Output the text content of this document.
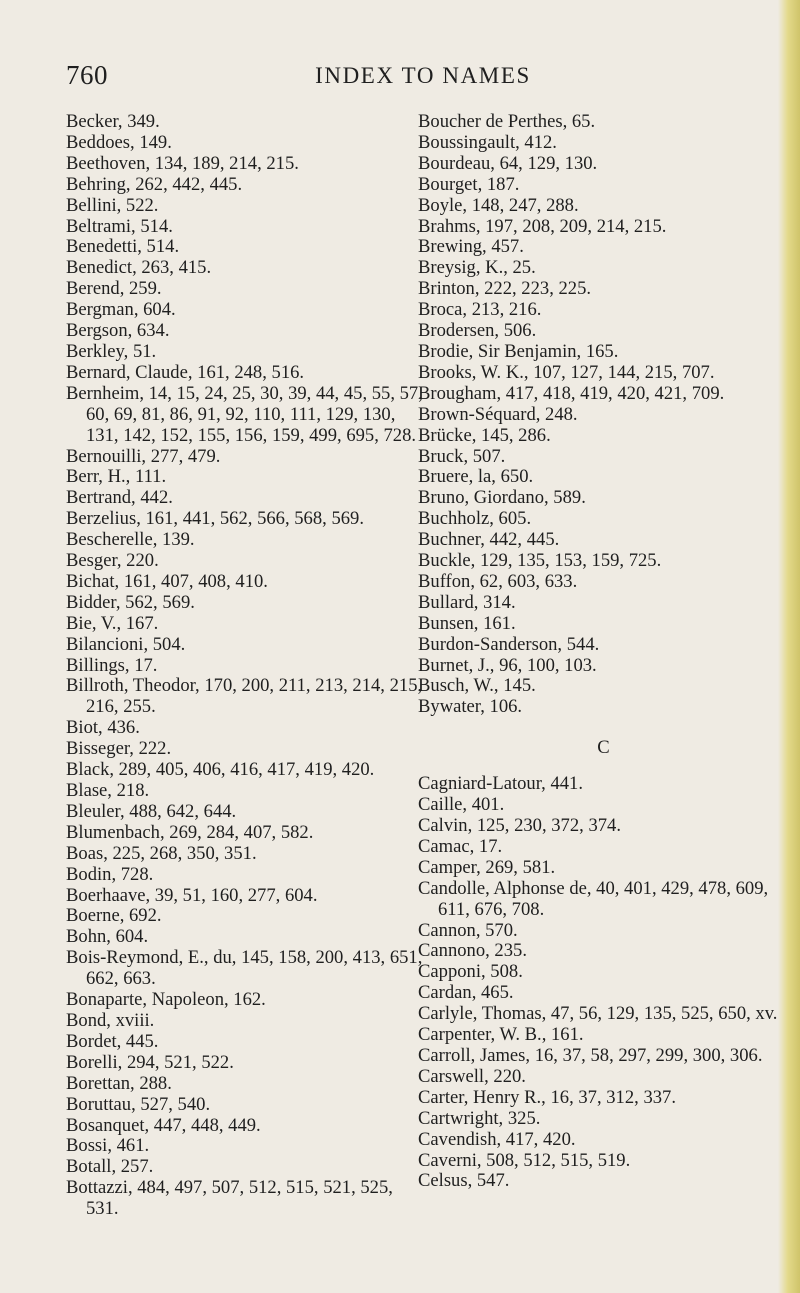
760	INDEX TO NAMES
Becker, 349.
Beddoes, 149.
Beethoven, 134, 189, 214, 215.
Behring, 262, 442, 445.
Bellini, 522.
Beltrami, 514.
Benedetti, 514.
Benedict, 263, 415.
Berend, 259.
Bergman, 604.
Bergson, 634.
Berkley, 51.
Bernard, Claude, 161, 248, 516.
Bernheim, 14, 15, 24, 25, 30, 39, 44, 45, 55, 57, 60, 69, 81, 86, 91, 92, 110, 111, 129, 130, 131, 142, 152, 155, 156, 159, 499, 695, 728.
Bernouilli, 277, 479.
Berr, H., 111.
Bertrand, 442.
Berzelius, 161, 441, 562, 566, 568, 569.
Bescherelle, 139.
Besger, 220.
Bichat, 161, 407, 408, 410.
Bidder, 562, 569.
Bie, V., 167.
Bilancioni, 504.
Billings, 17.
Billroth, Theodor, 170, 200, 211, 213, 214, 215, 216, 255.
Biot, 436.
Bisseger, 222.
Black, 289, 405, 406, 416, 417, 419, 420.
Blase, 218.
Bleuler, 488, 642, 644.
Blumenbach, 269, 284, 407, 582.
Boas, 225, 268, 350, 351.
Bodin, 728.
Boerhaave, 39, 51, 160, 277, 604.
Boerne, 692.
Bohn, 604.
Bois-Reymond, E., du, 145, 158, 200, 413, 651, 662, 663.
Bonaparte, Napoleon, 162.
Bond, xviii.
Bordet, 445.
Borelli, 294, 521, 522.
Borettan, 288.
Boruttau, 527, 540.
Bosanquet, 447, 448, 449.
Bossi, 461.
Botall, 257.
Bottazzi, 484, 497, 507, 512, 515, 521, 525, 531.
Boucher de Perthes, 65.
Boussingault, 412.
Bourdeau, 64, 129, 130.
Bourget, 187.
Boyle, 148, 247, 288.
Brahms, 197, 208, 209, 214, 215.
Brewing, 457.
Breysig, K., 25.
Brinton, 222, 223, 225.
Broca, 213, 216.
Brodersen, 506.
Brodie, Sir Benjamin, 165.
Brooks, W. K., 107, 127, 144, 215, 707.
Brougham, 417, 418, 419, 420, 421, 709.
Brown-Séquard, 248.
Brücke, 145, 286.
Bruck, 507.
Bruere, la, 650.
Bruno, Giordano, 589.
Buchholz, 605.
Buchner, 442, 445.
Buckle, 129, 135, 153, 159, 725.
Buffon, 62, 603, 633.
Bullard, 314.
Bunsen, 161.
Burdon-Sanderson, 544.
Burnet, J., 96, 100, 103.
Busch, W., 145.
Bywater, 106.
C
Cagniard-Latour, 441.
Caille, 401.
Calvin, 125, 230, 372, 374.
Camac, 17.
Camper, 269, 581.
Candolle, Alphonse de, 40, 401, 429, 478, 609, 611, 676, 708.
Cannon, 570.
Cannono, 235.
Capponi, 508.
Cardan, 465.
Carlyle, Thomas, 47, 56, 129, 135, 525, 650, xv.
Carpenter, W. B., 161.
Carroll, James, 16, 37, 58, 297, 299, 300, 306.
Carswell, 220.
Carter, Henry R., 16, 37, 312, 337.
Cartwright, 325.
Cavendish, 417, 420.
Caverni, 508, 512, 515, 519.
Celsus, 547.
